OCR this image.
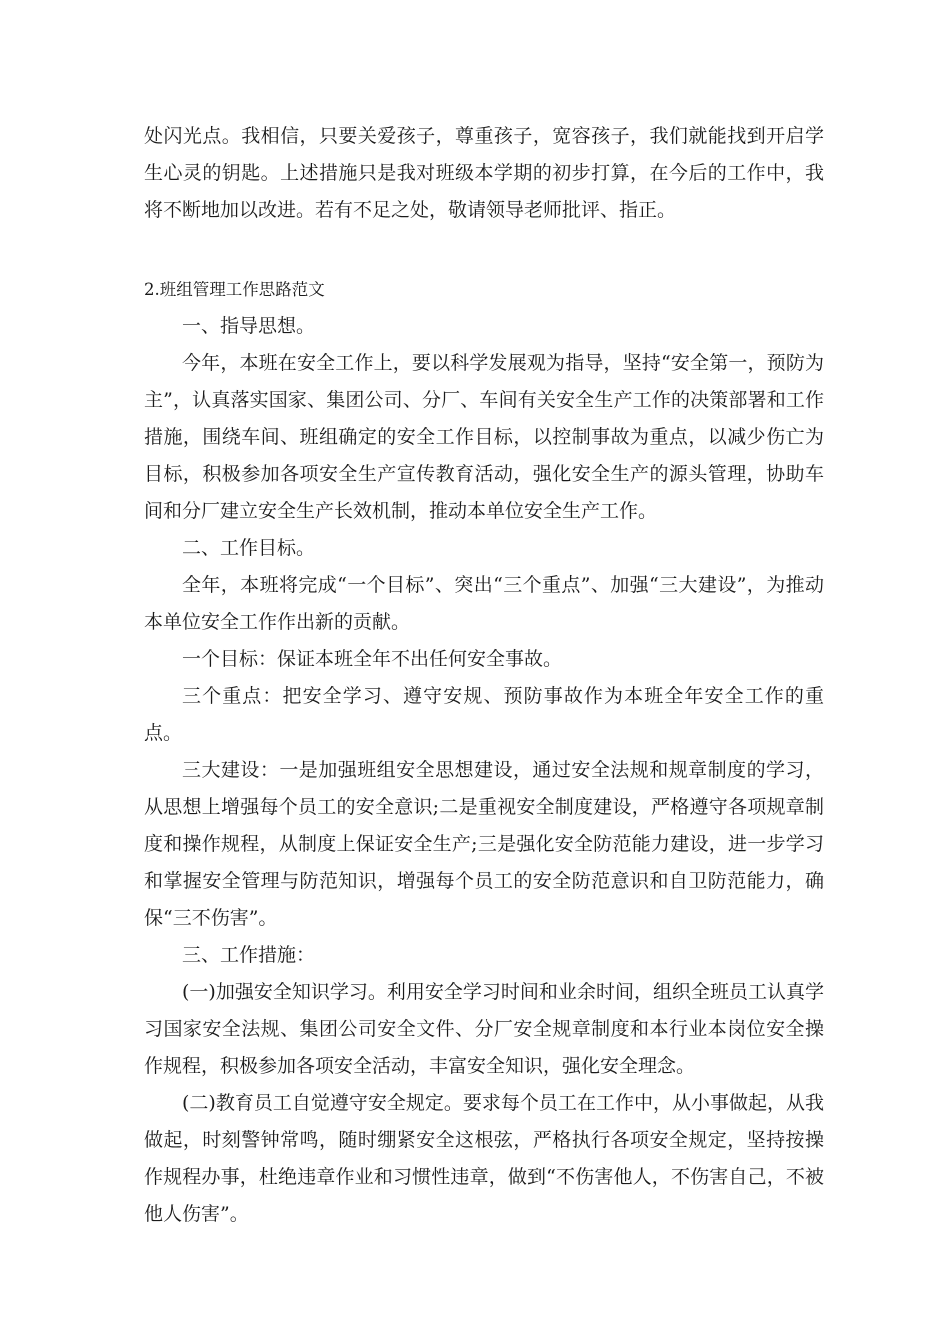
处闪光点。我相信，只要关爱孩子，尊重孩子，宽容孩子，我们就能找到开启学生心灵的钥匙。上述措施只是我对班级本学期的初步打算，在今后的工作中，我将不断地加以改进。若有不足之处，敬请领导老师批评、指正。

2.班组管理工作思路范文

一、指导思想。

今年，本班在安全工作上，要以科学发展观为指导，坚持“安全第一，预防为主”，认真落实国家、集团公司、分厂、车间有关安全生产工作的决策部署和工作措施，围绕车间、班组确定的安全工作目标，以控制事故为重点，以减少伤亡为目标，积极参加各项安全生产宣传教育活动，强化安全生产的源头管理，协助车间和分厂建立安全生产长效机制，推动本单位安全生产工作。

二、工作目标。

全年，本班将完成“一个目标”、突出“三个重点”、加强“三大建设”，为推动本单位安全工作作出新的贡献。

一个目标：保证本班全年不出任何安全事故。

三个重点：把安全学习、遵守安规、预防事故作为本班全年安全工作的重点。

三大建设：一是加强班组安全思想建设，通过安全法规和规章制度的学习，从思想上增强每个员工的安全意识;二是重视安全制度建设，严格遵守各项规章制度和操作规程，从制度上保证安全生产;三是强化安全防范能力建设，进一步学习和掌握安全管理与防范知识，增强每个员工的安全防范意识和自卫防范能力，确保“三不伤害”。

三、工作措施：

(一)加强安全知识学习。利用安全学习时间和业余时间，组织全班员工认真学习国家安全法规、集团公司安全文件、分厂安全规章制度和本行业本岗位安全操作规程，积极参加各项安全活动，丰富安全知识，强化安全理念。

(二)教育员工自觉遵守安全规定。要求每个员工在工作中，从小事做起，从我做起，时刻警钟常鸣，随时绷紧安全这根弦，严格执行各项安全规定，坚持按操作规程办事，杜绝违章作业和习惯性违章，做到“不伤害他人，不伤害自己，不被他人伤害”。
